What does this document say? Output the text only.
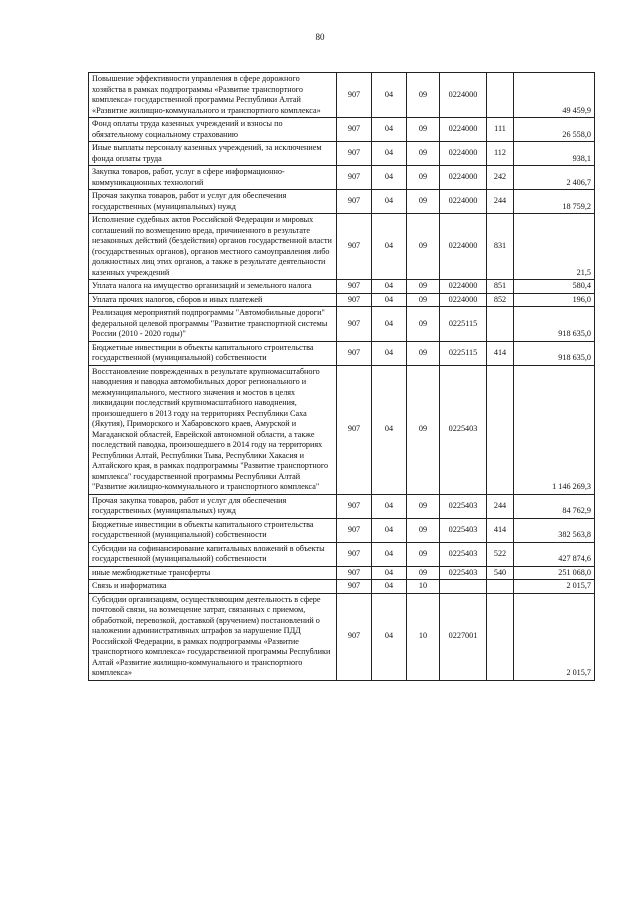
80
Повышение эффективности управления в сфере дорожного хозяйства в рамках подпрограммы «Развитие транспортного комплекса» государственной программы Республики Алтай «Развитие жилищно-коммунального и транспортного комплекса»	907	04	09	0224000		49 459,9
Фонд оплаты труда казенных учреждений и взносы по обязательному социальному страхованию	907	04	09	0224000	111	26 558,0
Иные выплаты персоналу казенных учреждений, за исключением фонда оплаты труда	907	04	09	0224000	112	938,1
Закупка товаров, работ, услуг в сфере информационно-коммуникационных технологий	907	04	09	0224000	242	2 406,7
Прочая закупка товаров, работ и услуг для обеспечения государственных (муниципальных) нужд	907	04	09	0224000	244	18 759,2
Исполнение судебных актов Российской Федерации и мировых соглашений по возмещению вреда, причиненного в результате незаконных действий (бездействия) органов государственной власти (государственных органов), органов местного самоуправления либо должностных лиц этих органов, а также в результате деятельности казенных учреждений	907	04	09	0224000	831	21,5
Уплата налога на имущество организаций и земельного налога	907	04	09	0224000	851	580,4
Уплата прочих налогов, сборов и иных платежей	907	04	09	0224000	852	196,0
Реализация мероприятий подпрограммы "Автомобильные дороги" федеральной целевой программы "Развитие транспортной системы России (2010 - 2020 годы)"	907	04	09	0225115		918 635,0
Бюджетные инвестиции в объекты капитального строительства государственной (муниципальной) собственности	907	04	09	0225115	414	918 635,0
Восстановление поврежденных в результате крупномасштабного наводнения и паводка автомобильных дорог регионального и межмуниципального, местного значения и мостов в целях ликвидации последствий крупномасштабного наводнения, произошедшего в 2013 году на территориях Республики Саха (Якутия), Приморского и Хабаровского краев, Амурской и Магаданской областей, Еврейской автономной области, а также последствий паводка, произошедшего в 2014 году на территориях Республики Алтай, Республики Тыва, Республики Хакасия и Алтайского края, в рамках подпрограммы "Развитие транспортного комплекса" государственной программы Республики Алтай "Развитие жилищно-коммунального и транспортного комплекса"	907	04	09	0225403		1 146 269,3
Прочая закупка товаров, работ и услуг для обеспечения государственных (муниципальных) нужд	907	04	09	0225403	244	84 762,9
Бюджетные инвестиции в объекты капитального строительства государственной (муниципальной) собственности	907	04	09	0225403	414	382 563,8
Субсидии на софинансирование капитальных вложений в объекты государственной (муниципальной) собственности	907	04	09	0225403	522	427 874,6
иные межбюджетные трансферты	907	04	09	0225403	540	251 068,0
Связь и информатика	907	04	10			2 015,7
Субсидии организациям, осуществляющим деятельность в сфере почтовой связи, на возмещение затрат, связанных с приемом, обработкой, перевозкой, доставкой (вручением) постановлений о наложении административных штрафов за нарушение ПДД Российской Федерации, в рамках подпрограммы «Развитие транспортного комплекса» государственной программы Республики Алтай «Развитие жилищно-коммунального и транспортного комплекса»	907	04	10	0227001		2 015,7
